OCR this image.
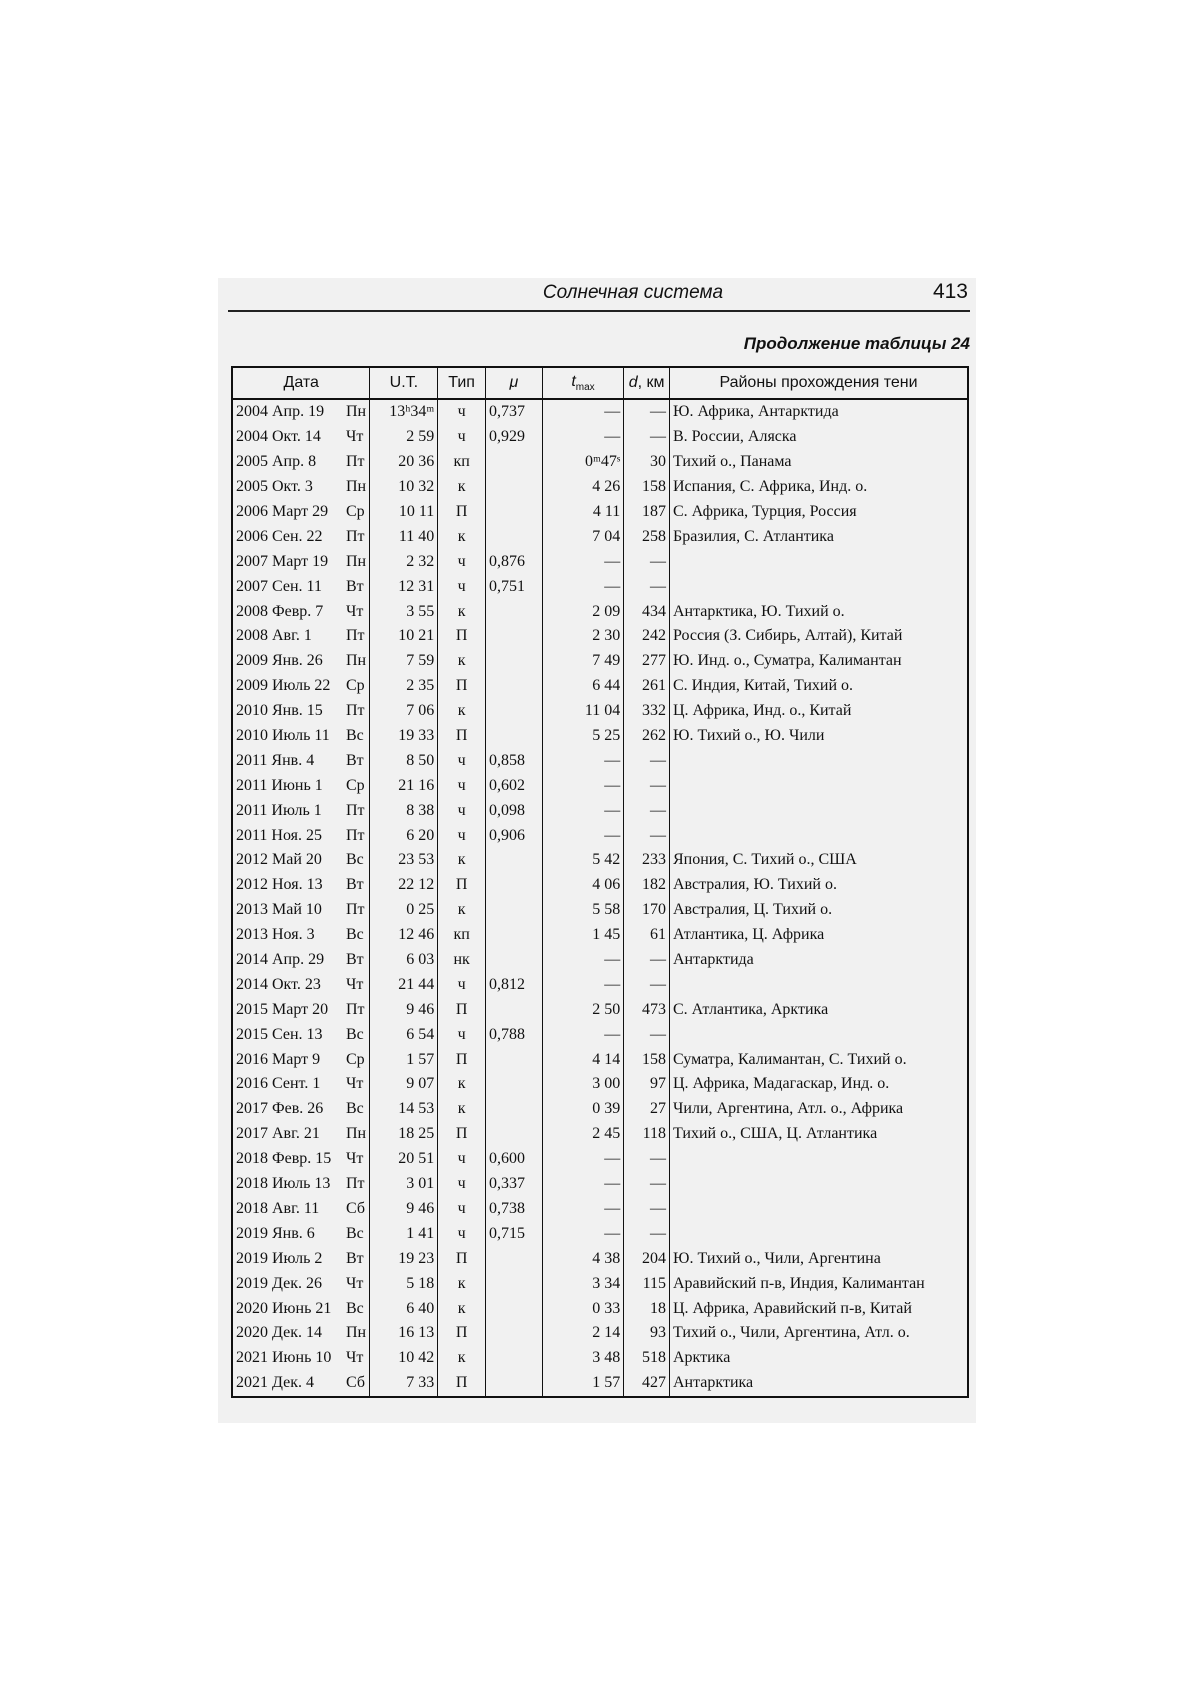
Солнечная система	413
Продолжение таблицы 24
Дата	U.T.	Тип	μ	$t_{max}$	d, км	Районы прохождения тени
2004 Апр. 19 Пн	13ʰ34ᵐ	ч	0,737	—	—	Ю. Африка, Антарктида
2004 Окт. 14 Чт	2 59	ч	0,929	—	—	В. России, Аляска
2005 Апр. 8 Пт	20 36	кп		0ᵐ47ˢ	30	Тихий о., Панама
2005 Окт. 3 Пн	10 32	к		4 26	158	Испания, С. Африка, Инд. о.
2006 Март 29 Ср	10 11	П		4 11	187	С. Африка, Турция, Россия
2006 Сен. 22 Пт	11 40	к		7 04	258	Бразилия, С. Атлантика
2007 Март 19 Пн	2 32	ч	0,876	—	—	
2007 Сен. 11 Вт	12 31	ч	0,751	—	—	
2008 Февр. 7 Чт	3 55	к		2 09	434	Антарктика, Ю. Тихий о.
2008 Авг. 1 Пт	10 21	П		2 30	242	Россия (З. Сибирь, Алтай), Китай
2009 Янв. 26 Пн	7 59	к		7 49	277	Ю. Инд. о., Суматра, Калимантан
2009 Июль 22 Ср	2 35	П		6 44	261	С. Индия, Китай, Тихий о.
2010 Янв. 15 Пт	7 06	к		11 04	332	Ц. Африка, Инд. о., Китай
2010 Июль 11 Вс	19 33	П		5 25	262	Ю. Тихий о., Ю. Чили
2011 Янв. 4 Вт	8 50	ч	0,858	—	—	
2011 Июнь 1 Ср	21 16	ч	0,602	—	—	
2011 Июль 1 Пт	8 38	ч	0,098	—	—	
2011 Ноя. 25 Пт	6 20	ч	0,906	—	—	
2012 Май 20 Вс	23 53	к		5 42	233	Япония, С. Тихий о., США
2012 Ноя. 13 Вт	22 12	П		4 06	182	Австралия, Ю. Тихий о.
2013 Май 10 Пт	0 25	к		5 58	170	Австралия, Ц. Тихий о.
2013 Ноя. 3 Вс	12 46	кп		1 45	61	Атлантика, Ц. Африка
2014 Апр. 29 Вт	6 03	нк		—	—	Антарктида
2014 Окт. 23 Чт	21 44	ч	0,812	—	—	
2015 Март 20 Пт	9 46	П		2 50	473	С. Атлантика, Арктика
2015 Сен. 13 Вс	6 54	ч	0,788	—	—	
2016 Март 9 Ср	1 57	П		4 14	158	Суматра, Калимантан, С. Тихий о.
2016 Сент. 1 Чт	9 07	к		3 00	97	Ц. Африка, Мадагаскар, Инд. о.
2017 Фев. 26 Вс	14 53	к		0 39	27	Чили, Аргентина, Атл. о., Африка
2017 Авг. 21 Пн	18 25	П		2 45	118	Тихий о., США, Ц. Атлантика
2018 Февр. 15 Чт	20 51	ч	0,600	—	—	
2018 Июль 13 Пт	3 01	ч	0,337	—	—	
2018 Авг. 11 Сб	9 46	ч	0,738	—	—	
2019 Янв. 6 Вс	1 41	ч	0,715	—	—	
2019 Июль 2 Вт	19 23	П		4 38	204	Ю. Тихий о., Чили, Аргентина
2019 Дек. 26 Чт	5 18	к		3 34	115	Аравийский п-в, Индия, Калимантан
2020 Июнь 21 Вс	6 40	к		0 33	18	Ц. Африка, Аравийский п-в, Китай
2020 Дек. 14 Пн	16 13	П		2 14	93	Тихий о., Чили, Аргентина, Атл. о.
2021 Июнь 10 Чт	10 42	к		3 48	518	Арктика
2021 Дек. 4 Сб	7 33	П		1 57	427	Антарктика
